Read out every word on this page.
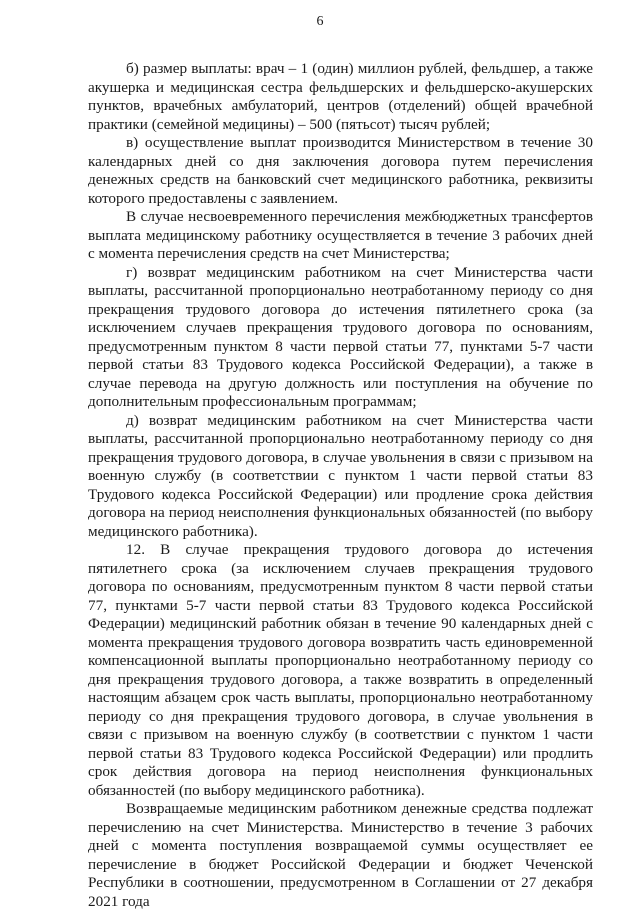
6

б) размер выплаты: врач – 1 (один) миллион рублей, фельдшер, а также акушерка и медицинская сестра фельдшерских и фельдшерско-акушерских пунктов, врачебных амбулаторий, центров (отделений) общей врачебной практики (семейной медицины) – 500 (пятьсот) тысяч рублей;

в) осуществление выплат производится Министерством в течение 30 календарных дней со дня заключения договора путем перечисления денежных средств на банковский счет медицинского работника, реквизиты которого предоставлены с заявлением.

В случае несвоевременного перечисления межбюджетных трансфертов выплата медицинскому работнику осуществляется в течение 3 рабочих дней с момента перечисления средств на счет Министерства;

г) возврат медицинским работником на счет Министерства части выплаты, рассчитанной пропорционально неотработанному периоду со дня прекращения трудового договора до истечения пятилетнего срока (за исключением случаев прекращения трудового договора по основаниям, предусмотренным пунктом 8 части первой статьи 77, пунктами 5-7 части первой статьи 83 Трудового кодекса Российской Федерации), а также в случае перевода на другую должность или поступления на обучение по дополнительным профессиональным программам;

д) возврат медицинским работником на счет Министерства части выплаты, рассчитанной пропорционально неотработанному периоду со дня прекращения трудового договора, в случае увольнения в связи с призывом на военную службу (в соответствии с пунктом 1 части первой статьи 83 Трудового кодекса Российской Федерации) или продление срока действия договора на период неисполнения функциональных обязанностей (по выбору медицинского работника).

12. В случае прекращения трудового договора до истечения пятилетнего срока (за исключением случаев прекращения трудового договора по основаниям, предусмотренным пунктом 8 части первой статьи 77, пунктами 5-7 части первой статьи 83 Трудового кодекса Российской Федерации) медицинский работник обязан в течение 90 календарных дней с момента прекращения трудового договора возвратить часть единовременной компенсационной выплаты пропорционально неотработанному периоду со дня прекращения трудового договора, а также возвратить в определенный настоящим абзацем срок часть выплаты, пропорционально неотработанному периоду со дня прекращения трудового договора, в случае увольнения в связи с призывом на военную службу (в соответствии с пунктом 1 части первой статьи 83 Трудового кодекса Российской Федерации) или продлить срок действия договора на период неисполнения функциональных обязанностей (по выбору медицинского работника).

Возвращаемые медицинским работником денежные средства подлежат перечислению на счет Министерства. Министерство в течение 3 рабочих дней с момента поступления возвращаемой суммы осуществляет ее перечисление в бюджет Российской Федерации и бюджет Чеченской Республики в соотношении, предусмотренном в Соглашении от 27 декабря 2021 года
